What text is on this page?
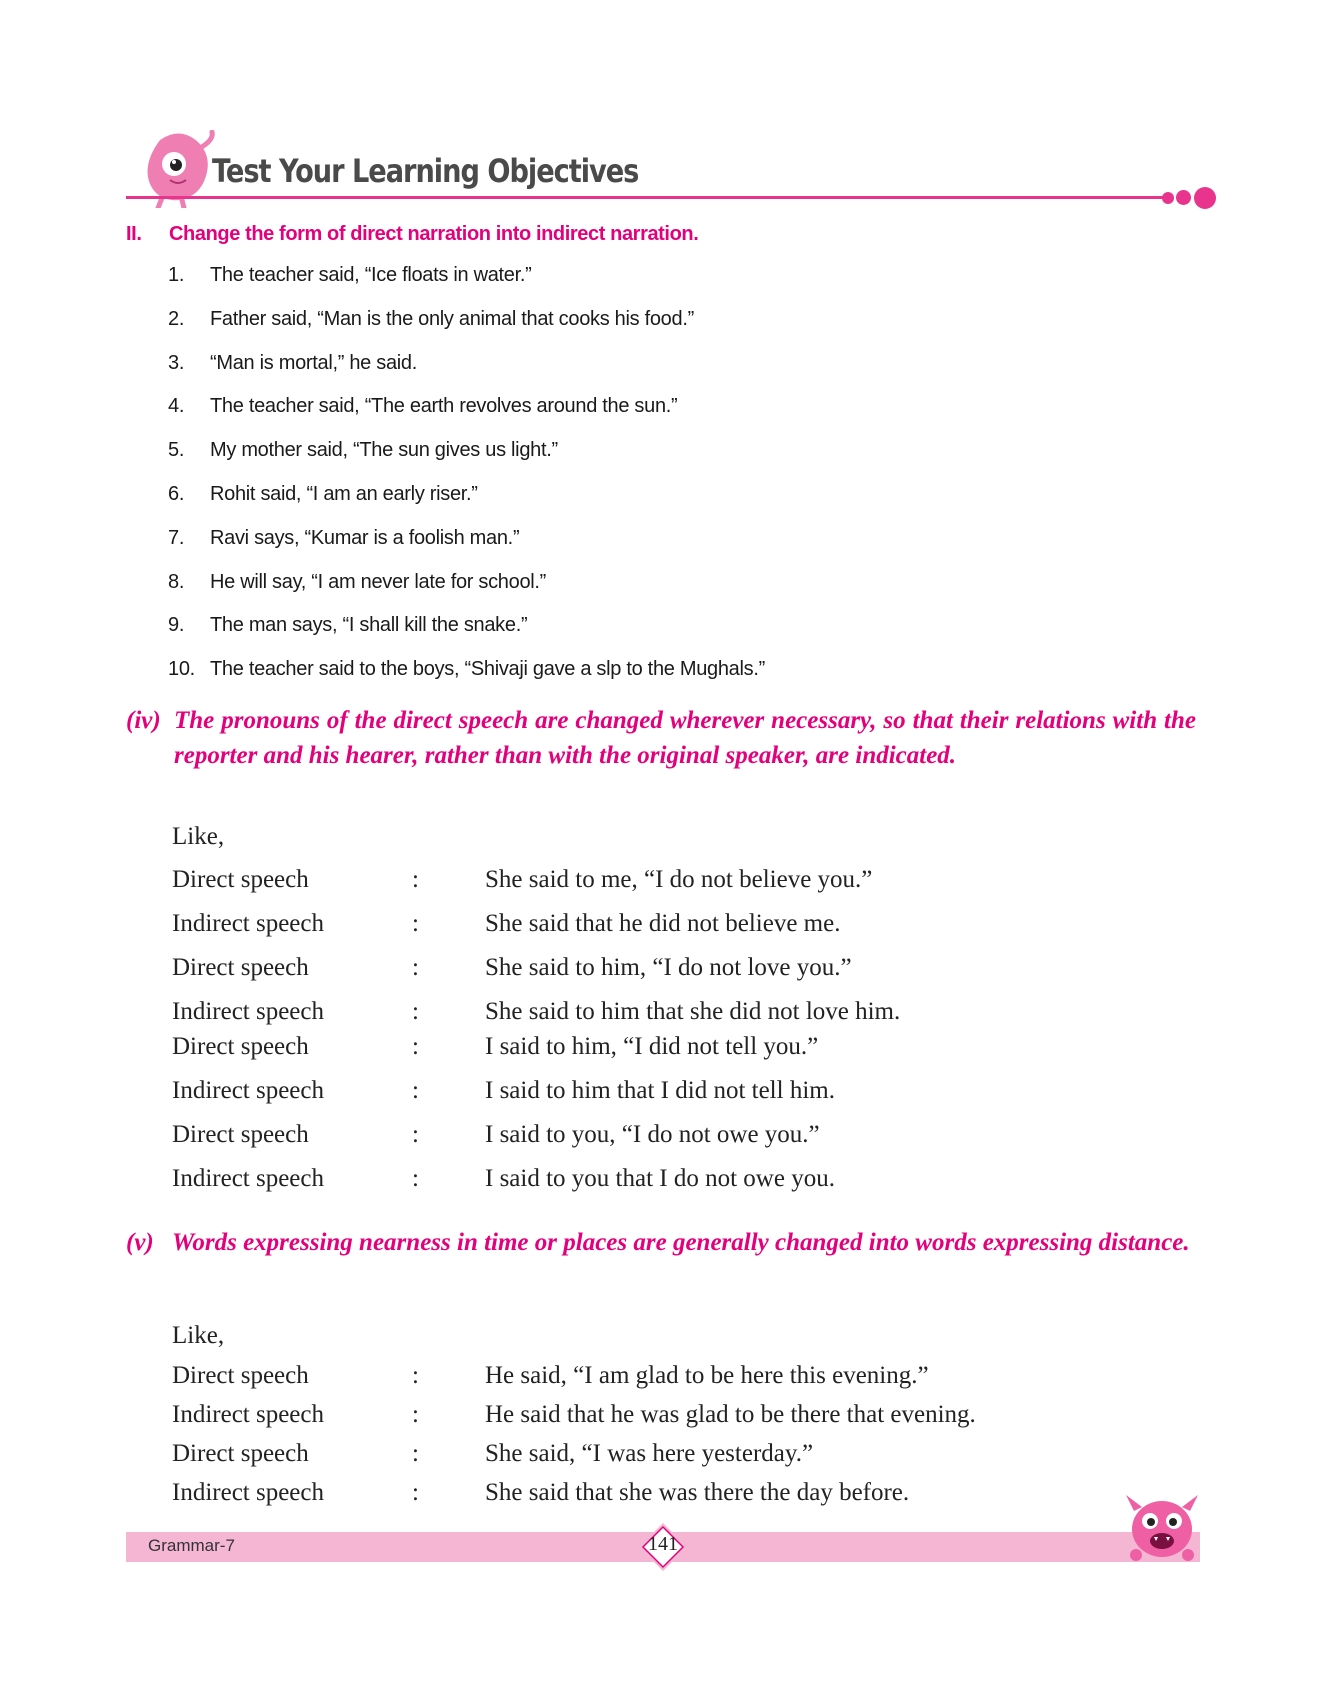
Test Your Learning Objectives
II. Change the form of direct narration into indirect narration.
1. The teacher said, “Ice floats in water.”
2. Father said, “Man is the only animal that cooks his food.”
3. “Man is mortal,” he said.
4. The teacher said, “The earth revolves around the sun.”
5. My mother said, “The sun gives us light.”
6. Rohit said, “I am an early riser.”
7. Ravi says, “Kumar is a foolish man.”
8. He will say, “I am never late for school.”
9. The man says, “I shall kill the snake.”
10. The teacher said to the boys, “Shivaji gave a slp to the Mughals.”
(iv) The pronouns of the direct speech are changed wherever necessary, so that their relations with the reporter and his hearer, rather than with the original speaker, are indicated.
Like,
Direct speech	:	She said to me, “I do not believe you.”
Indirect speech	:	She said that he did not believe me.
Direct speech	:	She said to him, “I do not love you.”
Indirect speech	:	She said to him that she did not love him.
Direct speech	:	I said to him, “I did not tell you.”
Indirect speech	:	I said to him that I did not tell him.
Direct speech	:	I said to you, “I do not owe you.”
Indirect speech	:	I said to you that I do not owe you.
(v) Words expressing nearness in time or places are generally changed into words expressing distance.
Like,
Direct speech	:	He said, “I am glad to be here this evening.”
Indirect speech	:	He said that he was glad to be there that evening.
Direct speech	:	She said, “I was here yesterday.”
Indirect speech	:	She said that she was there the day before.
Grammar-7	141
